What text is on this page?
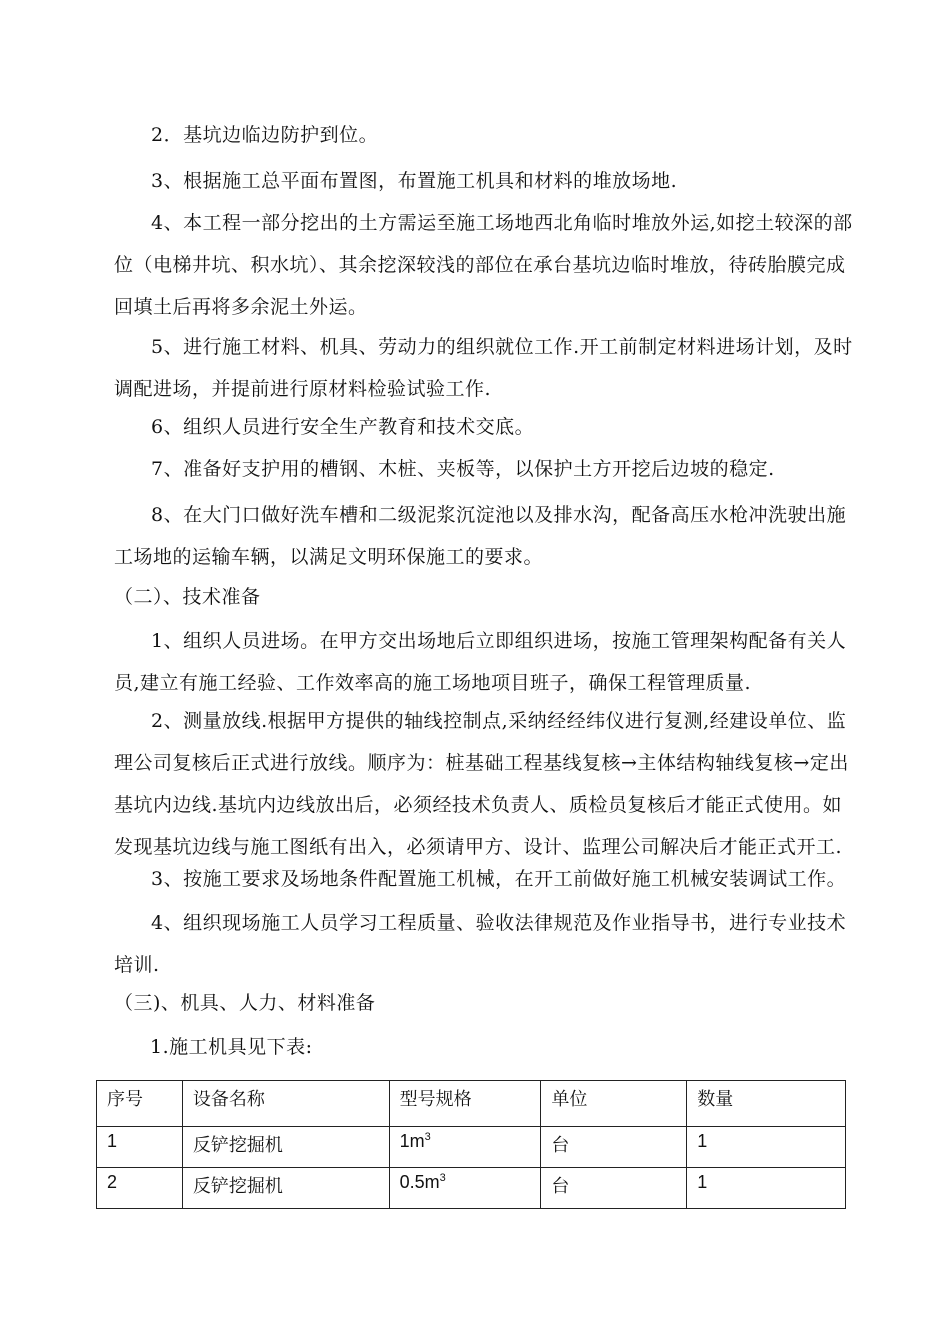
2．基坑边临边防护到位。

3、根据施工总平面布置图，布置施工机具和材料的堆放场地.

4、本工程一部分挖出的土方需运至施工场地西北角临时堆放外运,如挖土较深的部位（电梯井坑、积水坑）、其余挖深较浅的部位在承台基坑边临时堆放，待砖胎膜完成回填土后再将多余泥土外运。

5、进行施工材料、机具、劳动力的组织就位工作.开工前制定材料进场计划，及时调配进场，并提前进行原材料检验试验工作.

6、组织人员进行安全生产教育和技术交底。

7、准备好支护用的槽钢、木桩、夹板等，以保护土方开挖后边坡的稳定.

8、在大门口做好洗车槽和二级泥浆沉淀池以及排水沟，配备高压水枪冲洗驶出施工场地的运输车辆，以满足文明环保施工的要求。

（二）、技术准备

1、组织人员进场。在甲方交出场地后立即组织进场，按施工管理架构配备有关人员,建立有施工经验、工作效率高的施工场地项目班子，确保工程管理质量.

2、测量放线.根据甲方提供的轴线控制点,采纳经经纬仪进行复测,经建设单位、监理公司复核后正式进行放线。顺序为：桩基础工程基线复核→主体结构轴线复核→定出基坑内边线.基坑内边线放出后，必须经技术负责人、质检员复核后才能正式使用。如发现基坑边线与施工图纸有出入，必须请甲方、设计、监理公司解决后才能正式开工.

3、按施工要求及场地条件配置施工机械，在开工前做好施工机械安装调试工作。

4、组织现场施工人员学习工程质量、验收法律规范及作业指导书，进行专业技术培训.

（三)、机具、人力、材料准备

1.施工机具见下表:

序号	设备名称	型号规格	单位	数量
1	反铲挖掘机	$1m^3$	台	1
2	反铲挖掘机	$0.5m^3$	台	1
